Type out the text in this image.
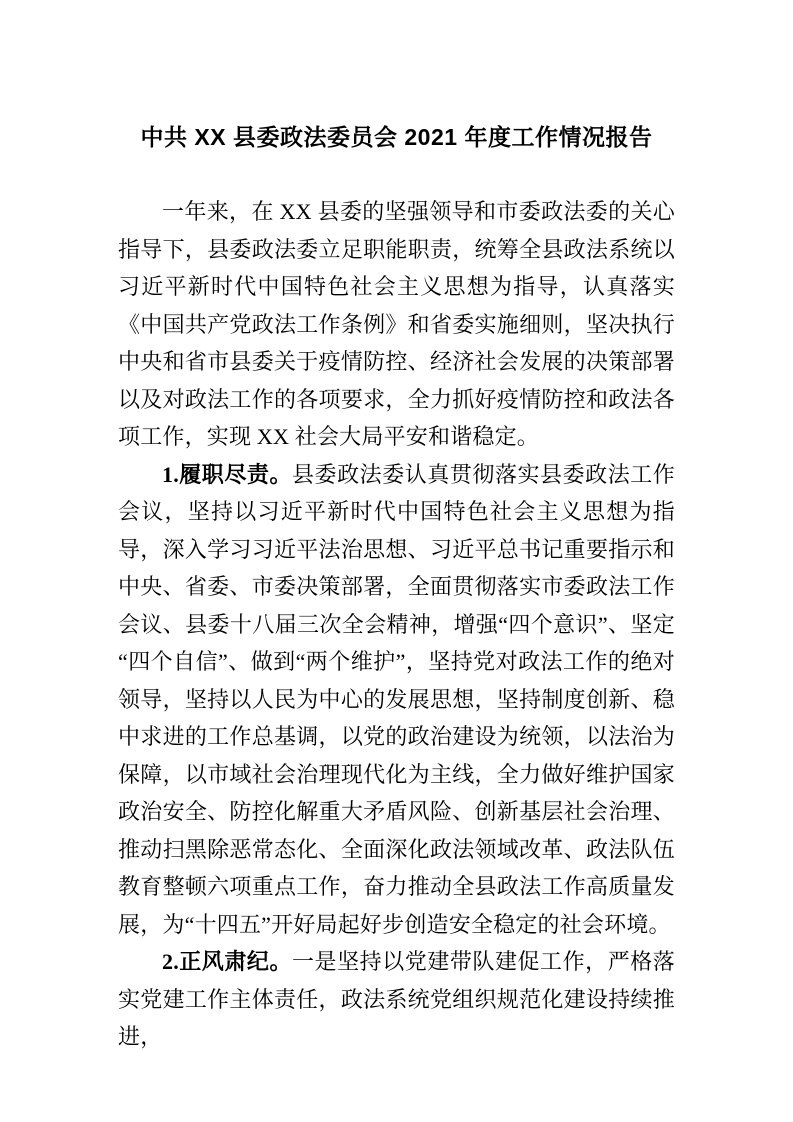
中共 XX 县委政法委员会 2021 年度工作情况报告

一年来，在 XX 县委的坚强领导和市委政法委的关心指导下，县委政法委立足职能职责，统筹全县政法系统以习近平新时代中国特色社会主义思想为指导，认真落实《中国共产党政法工作条例》和省委实施细则，坚决执行中央和省市县委关于疫情防控、经济社会发展的决策部署以及对政法工作的各项要求，全力抓好疫情防控和政法各项工作，实现 XX 社会大局平安和谐稳定。

1.履职尽责。县委政法委认真贯彻落实县委政法工作会议，坚持以习近平新时代中国特色社会主义思想为指导，深入学习习近平法治思想、习近平总书记重要指示和中央、省委、市委决策部署，全面贯彻落实市委政法工作会议、县委十八届三次全会精神，增强“四个意识”、坚定“四个自信”、做到“两个维护”，坚持党对政法工作的绝对领导，坚持以人民为中心的发展思想，坚持制度创新、稳中求进的工作总基调，以党的政治建设为统领，以法治为保障，以市域社会治理现代化为主线，全力做好维护国家政治安全、防控化解重大矛盾风险、创新基层社会治理、推动扫黑除恶常态化、全面深化政法领域改革、政法队伍教育整顿六项重点工作，奋力推动全县政法工作高质量发展，为“十四五”开好局起好步创造安全稳定的社会环境。

2.正风肃纪。一是坚持以党建带队建促工作，严格落实党建工作主体责任，政法系统党组织规范化建设持续推进，
